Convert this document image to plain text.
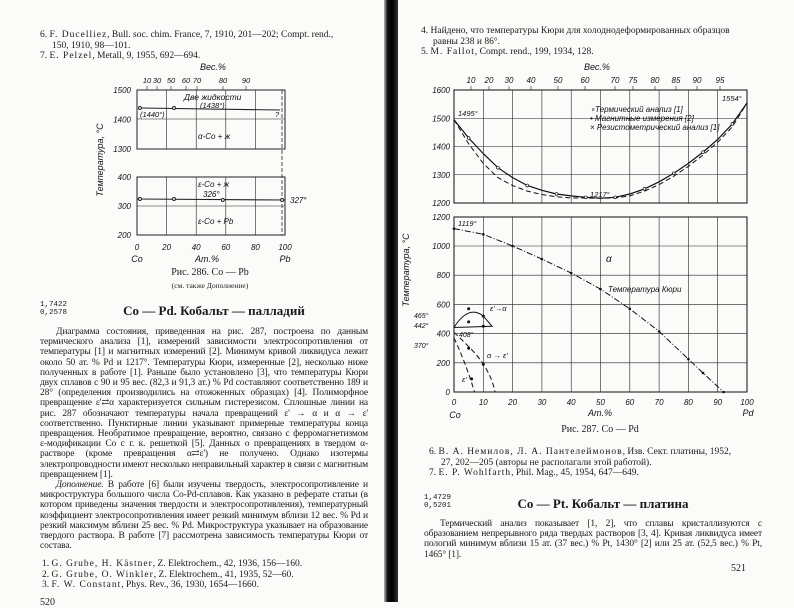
6. F. Ducelliez, Bull. soc. chim. France, 7, 1910, 201—202; Compt. rend.,
150, 1910, 98—101.
7. E. Pelzel, Metall, 9, 1955, 692—694.
1500
1400
1300
400
300
200
0	20	40	60	80 100
10 30 50 60 70 80 90
Вес.%
Температура, °C
Ат.%
Co	Pb
Две жидкости
(1438°)
(1440°)	?
α-Co + ж
ε-Co + ж
326°
327°
ε-Co + Pb
Рис. 286. Co — Pb
(см. также Дополнение)
1,7422
0,2578	Co — Pd. Кобальт — палладий

Диаграмма состояния, приведенная на рис. 287, построена по данным термического анализа [1], измерений зависимости электросопротивления от температуры [1] и магнитных измерений [2]. Минимум кривой ликвидуса лежит около 50 ат. % Pd и 1217°. Температуры Кюри, измеренные [2], несколько ниже полученных в работе [1]. Раньше было установлено [3], что температуры Кюри двух сплавов с 90 и 95 вес. (82,3 и 91,3 ат.) % Pd составляют соответственно 189 и 28° (определения производились на отожженных образцах) [4]. Полиморфное превращение ε'⇄α характеризуется сильным гистерезисом. Сплошные линии на рис. 287 обозначают температуры начала превращений ε' → α и α → ε' соответственно. Пунктирные линии указывают примерные температуры конца превращения. Необратимое превращение, вероятно, связано с ферромагнетизмом ε-модификации Co с г. к. решеткой [5]. Данных о превращениях в твердом α-растворе (кроме превращения α⇄ε') не получено. Однако изотермы электропроводности имеют несколько неправильный характер в связи с магнитным превращением [1].

Дополнение. В работе [6] были изучены твердость, электросопротивление и микроструктура большого числа Co-Pd-сплавов. Как указано в реферате статьи (в котором приведены значения твердости и электросопротивления), температурный коэффициент электросопротивления имеет резкий минимум вблизи 12 вес. % Pd и резкий максимум вблизи 25 вес. % Pd. Микроструктура указывает на образование твердого раствора. В работе [7] рассмотрена зависимость температуры Кюри от состава.

1. G. Grube, H. Kästner, Z. Elektrochem., 42, 1936, 156—160.
2. G. Grube, O. Winkler, Z. Elektrochem., 41, 1935, 52—60.
3. F. W. Constant, Phys. Rev., 36, 1930, 1654—1660.
520
4. Найдено, что температуры Кюри для холоднодеформированных образцов
равны 238 и 86°.
5. M. Fallot, Compt. rend., 199, 1934, 128.
1600
1500
1400
1300
1200
1200
1000
800
600
400
200
0
0	10	20	30	40	50	60	70	80	90 100
10 20 30 40 50 60	70 75 80 85 90 95
Вес.%
Температура, °C
Ат.%
Co	Pd
∘Термический анализ [1]
• Магнитные измерения [2]
× Резистометрический анализ [1]
1495°
1554°
1217°
1119°
α
Температура Кюри
ε'→α
α → ε'
ε'
465°
442°
408°
370°
Рис. 287. Co — Pd
6. В. А. Немилов, Л. А. Пантелеймонов, Изв. Сект. платины, 1952,
27, 202—205 (авторы не располагали этой работой).
7. E. P. Wohlfarth, Phil. Mag., 45, 1954, 647—649.
1,4729
0,5201	Co — Pt. Кобальт — платина

Термический анализ показывает [1, 2], что сплавы кристаллизуются с образованием непрерывного ряда твердых растворов [3, 4]. Кривая ликвидуса имеет пологий минимум вблизи 15 ат. (37 вес.) % Pt, 1430° [2] или 25 ат. (52,5 вес.) % Pt, 1465° [1].

521
